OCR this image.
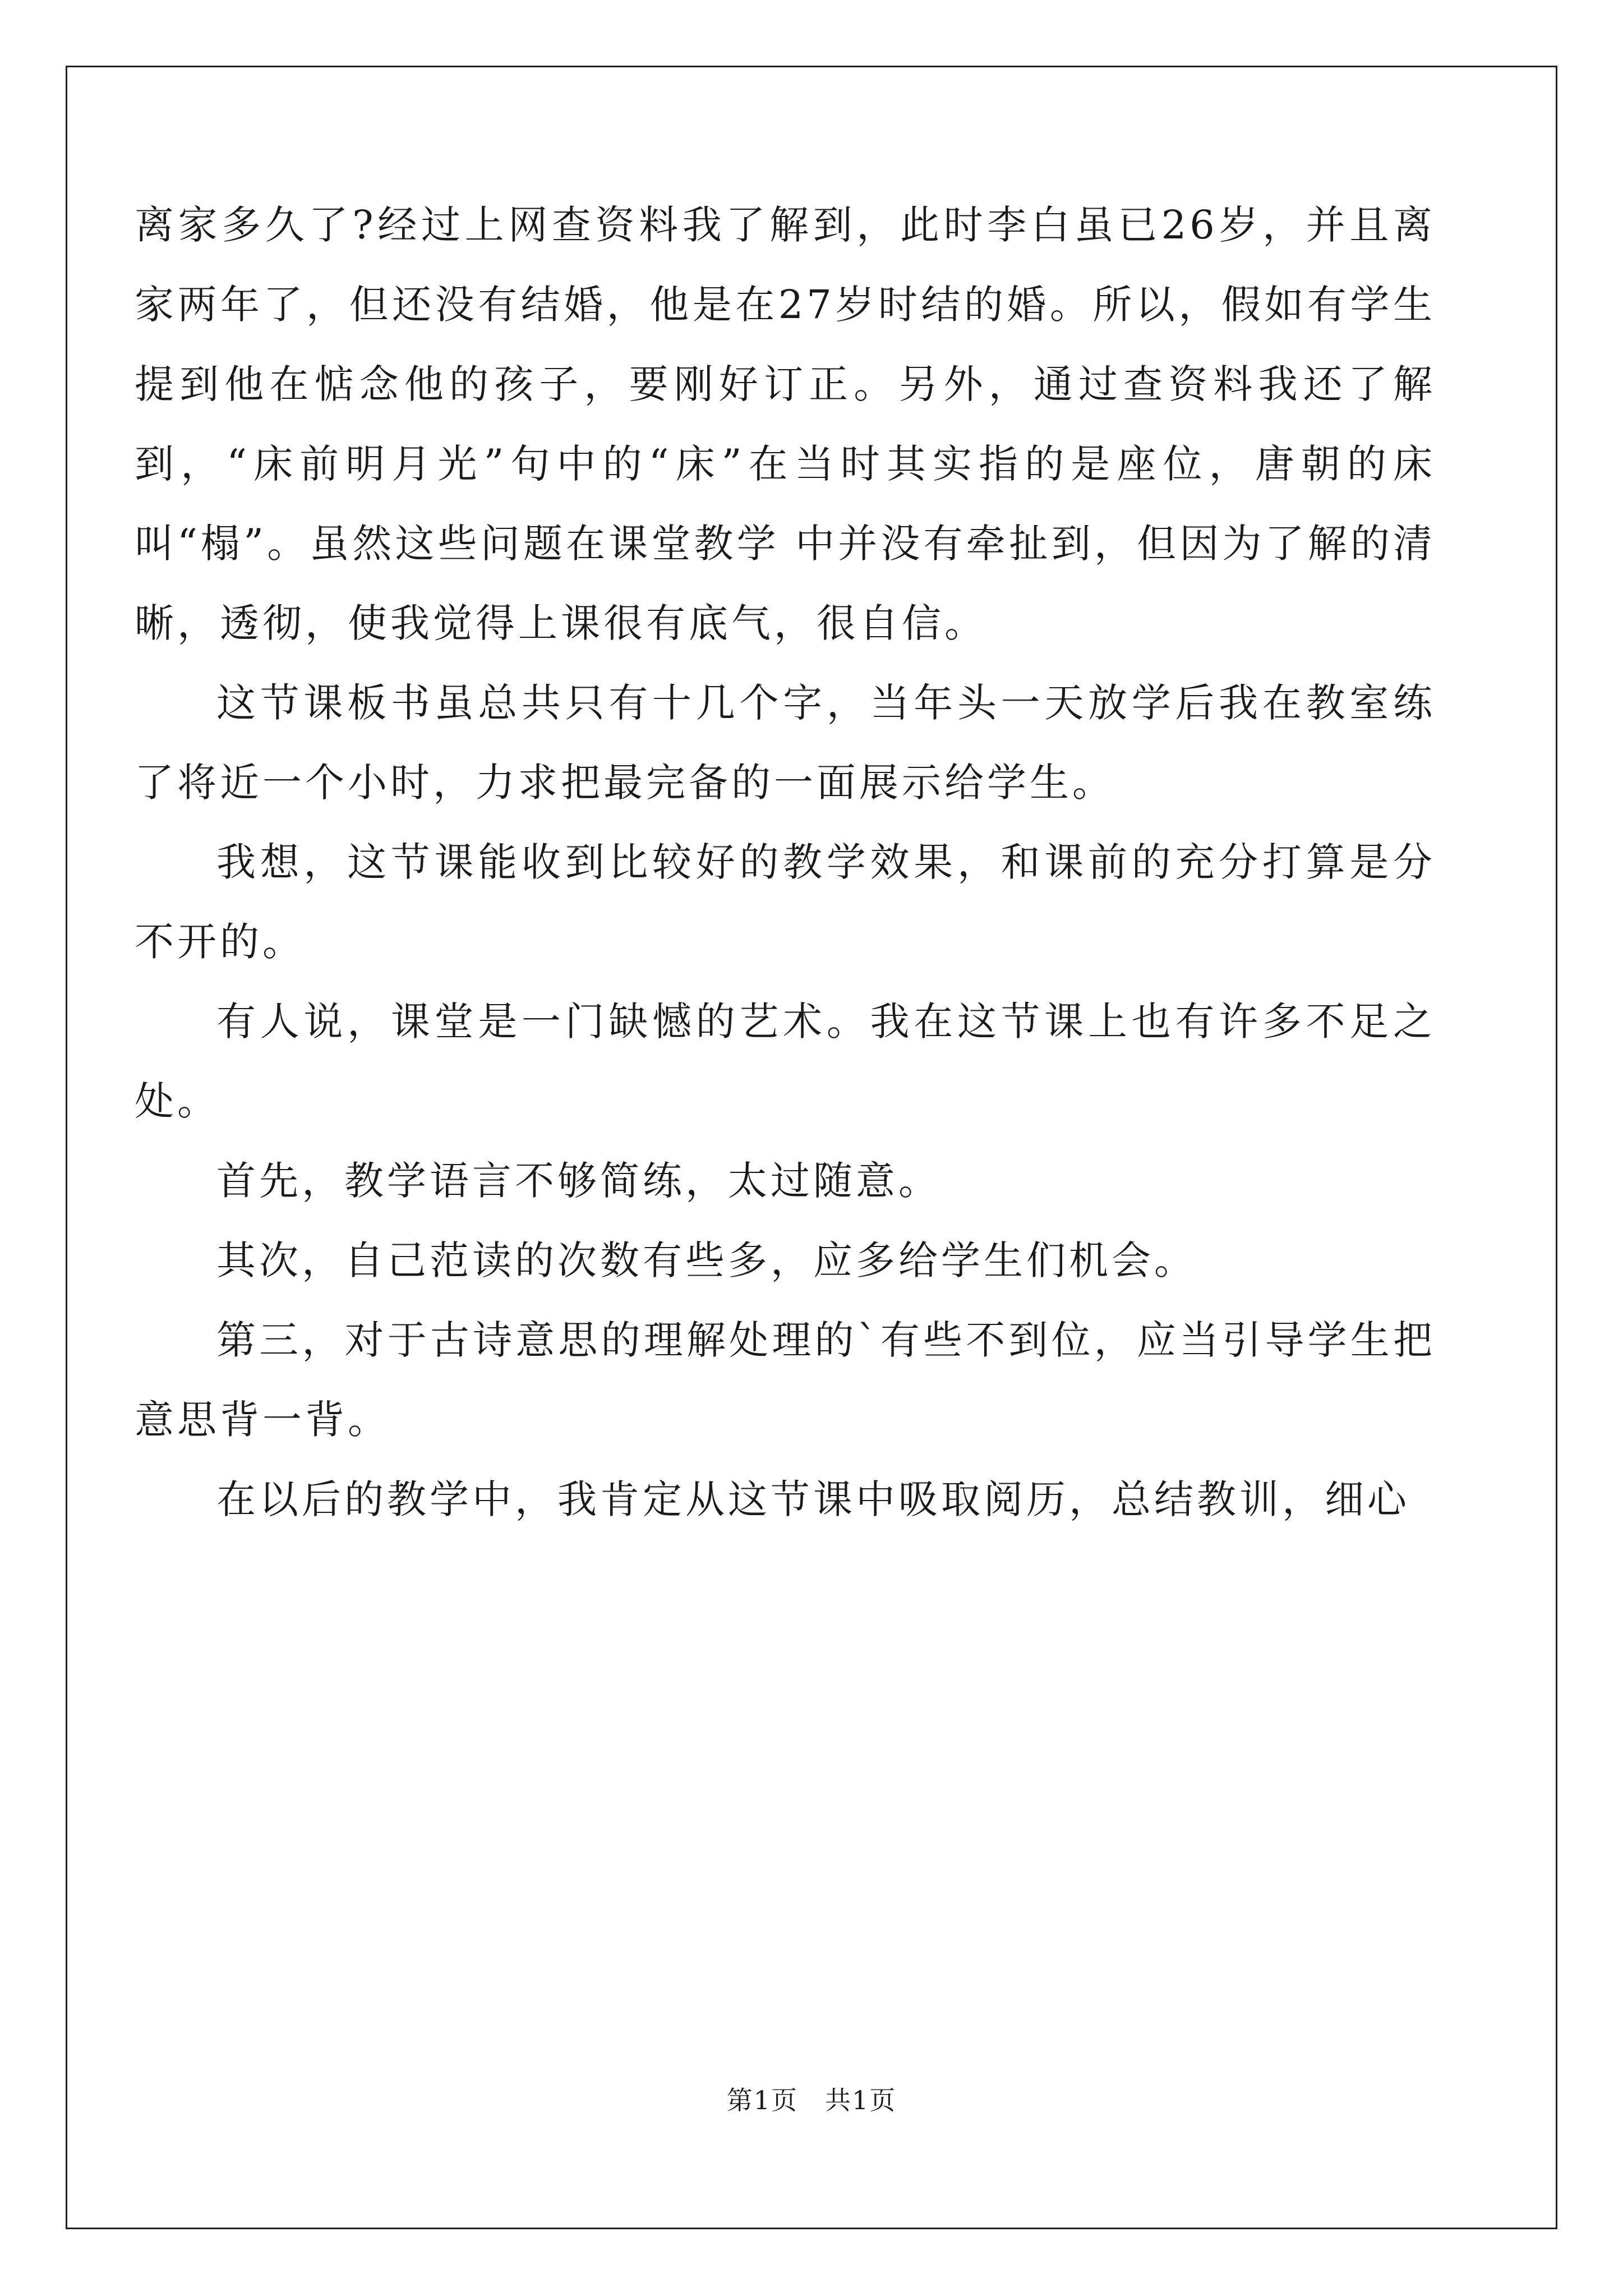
离家多久了?经过上网查资料我了解到，此时李白虽已26岁，并且离家两年了，但还没有结婚，他是在27岁时结的婚。所以，假如有学生提到他在惦念他的孩子，要刚好订正。另外，通过查资料我还了解到，“床前明月光”句中的“床”在当时其实指的是座位，唐朝的床叫“榻”。虽然这些问题在课堂教学 中并没有牵扯到，但因为了解的清晰，透彻，使我觉得上课很有底气，很自信。

这节课板书虽总共只有十几个字，当年头一天放学后我在教室练了将近一个小时，力求把最完备的一面展示给学生。

我想，这节课能收到比较好的教学效果，和课前的充分打算是分不开的。

有人说，课堂是一门缺憾的艺术。我在这节课上也有许多不足之处。

首先，教学语言不够简练，太过随意。

其次，自己范读的次数有些多，应多给学生们机会。

第三，对于古诗意思的理解处理的`有些不到位，应当引导学生把意思背一背。

在以后的教学中，我肯定从这节课中吸取阅历，总结教训，细心

第1页　共1页
